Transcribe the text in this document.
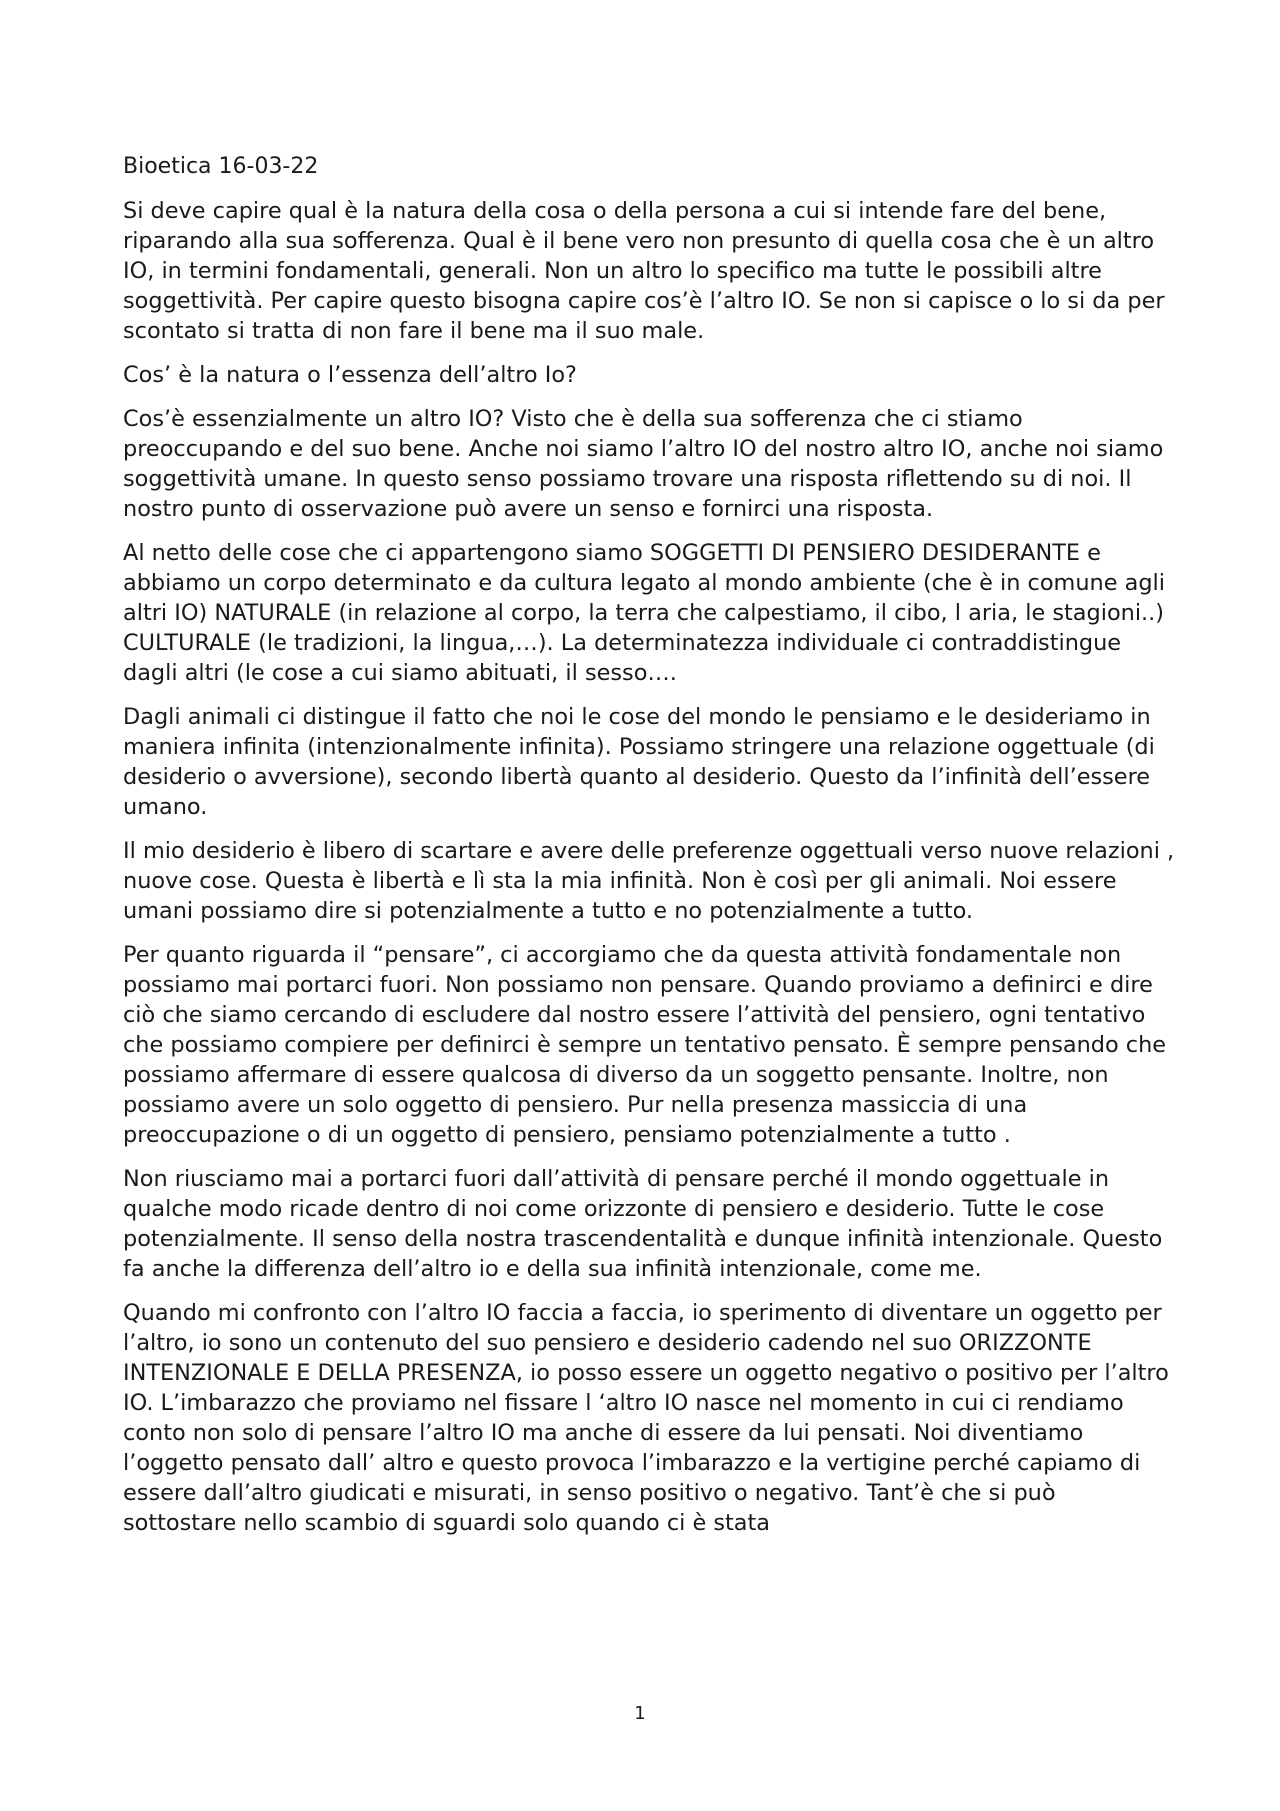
Bioetica 16-03-22

Si deve capire qual è la natura della cosa o della persona a cui si intende fare del bene, riparando alla sua sofferenza. Qual è il bene vero non presunto di quella cosa che è un altro IO, in termini fondamentali, generali. Non un altro lo specifico ma tutte le possibili altre soggettività. Per capire questo bisogna capire cos’è l’altro IO. Se non si capisce o lo si da per scontato si tratta di non fare il bene ma il suo male.

Cos’ è la natura o l’essenza dell’altro Io?

Cos’è essenzialmente un altro IO? Visto che è della sua sofferenza che ci stiamo preoccupando e del suo bene. Anche noi siamo l’altro IO del nostro altro IO, anche noi siamo soggettività umane. In questo senso possiamo trovare una risposta riflettendo su di noi. Il nostro punto di osservazione può avere un senso e fornirci una risposta.

Al netto delle cose che ci appartengono siamo SOGGETTI DI PENSIERO DESIDERANTE e abbiamo un corpo determinato e da cultura legato al mondo ambiente (che è in comune agli altri IO) NATURALE (in relazione al corpo, la terra che calpestiamo, il cibo, l aria, le stagioni..) CULTURALE (le tradizioni, la lingua,…). La determinatezza individuale ci contraddistingue dagli altri (le cose a cui siamo abituati, il sesso….

Dagli animali ci distingue il fatto che noi le cose del mondo le pensiamo e le desideriamo in maniera infinita (intenzionalmente infinita). Possiamo stringere una relazione oggettuale (di desiderio o avversione), secondo libertà quanto al desiderio. Questo da l’infinità dell’essere umano.

Il mio desiderio è libero di scartare e avere delle preferenze oggettuali verso nuove relazioni , nuove cose. Questa è libertà e lì sta la mia infinità. Non è così per gli animali. Noi essere umani possiamo dire si potenzialmente a tutto e no potenzialmente a tutto.

Per quanto riguarda il “pensare”, ci accorgiamo che da questa attività fondamentale non possiamo mai portarci fuori. Non possiamo non pensare. Quando proviamo a definirci e dire ciò che siamo cercando di escludere dal nostro essere l’attività del pensiero, ogni tentativo che possiamo compiere per definirci è sempre un tentativo pensato. È sempre pensando che possiamo affermare di essere qualcosa di diverso da un soggetto pensante. Inoltre, non possiamo avere un solo oggetto di pensiero. Pur nella presenza massiccia di una preoccupazione o di un oggetto di pensiero, pensiamo potenzialmente a tutto .

Non riusciamo mai a portarci fuori dall’attività di pensare perché il mondo oggettuale in qualche modo ricade dentro di noi come orizzonte di pensiero e desiderio. Tutte le cose potenzialmente. Il senso della nostra trascendentalità e dunque infinità intenzionale. Questo fa anche la differenza dell’altro io e della sua infinità intenzionale, come me.

Quando mi confronto con l’altro IO faccia a faccia, io sperimento di diventare un oggetto per l’altro, io sono un contenuto del suo pensiero e desiderio cadendo nel suo ORIZZONTE INTENZIONALE E DELLA PRESENZA, io posso essere un oggetto negativo o positivo per l’altro IO. L’imbarazzo che proviamo nel fissare l ‘altro IO nasce nel momento in cui ci rendiamo conto non solo di pensare l’altro IO ma anche di essere da lui pensati. Noi diventiamo l’oggetto pensato dall’ altro e questo provoca l’imbarazzo e la vertigine perché capiamo di essere dall’altro giudicati e misurati, in senso positivo o negativo. Tant’è che si può sottostare nello scambio di sguardi solo quando ci è stata

1
